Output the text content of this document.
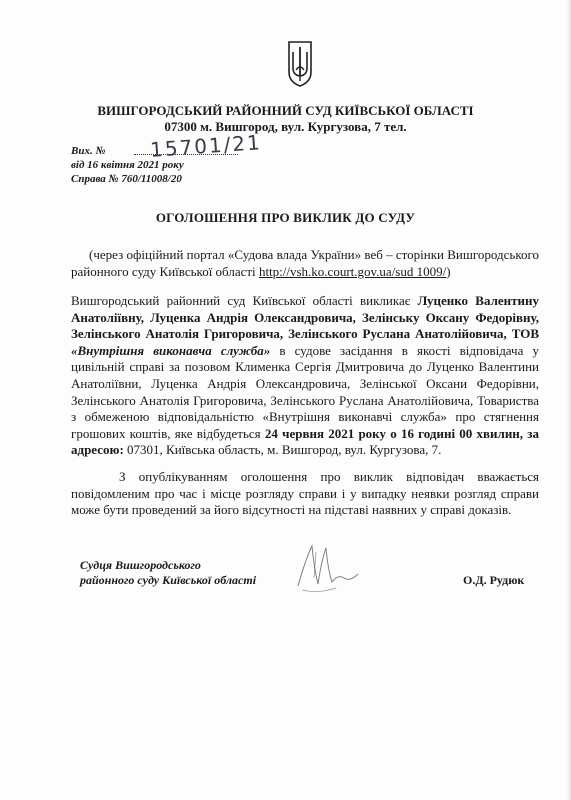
ВИШГОРОДСЬКИЙ РАЙОННИЙ СУД КИЇВСЬКОЇ ОБЛАСТІ
07300 м. Вишгород, вул. Кургузова, 7 тел.
Вих. № 15701/21
від 16 квітня 2021 року
Справа № 760/11008/20
ОГОЛОШЕННЯ ПРО ВИКЛИК ДО СУДУ

(через офіційний портал «Судова влада України» веб – сторінки Вишгородського районного суду Київської області http://vsh.ko.court.gov.ua/sud 1009/)

Вишгородський районний суд Київської області викликає Луценко Валентину Анатоліївну, Луценка Андрія Олександровича, Зелінську Оксану Федорівну, Зелінського Анатолія Григоровича, Зелінського Руслана Анатолійовича, ТОВ «Внутрішня виконавча служба» в судове засідання в якості відповідача у цивільній справі за позовом Клименка Сергія Дмитровича до Луценко Валентини Анатоліївни, Луценка Андрія Олександровича, Зелінської Оксани Федорівни, Зелінського Анатолія Григоровича, Зелінського Руслана Анатолійовича, Товариства з обмеженою відповідальністю «Внутрішня виконавчі служба» про стягнення грошових коштів, яке відбудеться 24 червня 2021 року о 16 годині 00 хвилин, за адресою: 07301, Київська область, м. Вишгород, вул. Кургузова, 7.

З опублікуванням оголошення про виклик відповідач вважається повідомленим про час і місце розгляду справи і у випадку неявки розгляд справи може бути проведений за його відсутності на підставі наявних у справі доказів.

Судця Вишгородського
районного суду Київської області	О.Д. Рудюк
